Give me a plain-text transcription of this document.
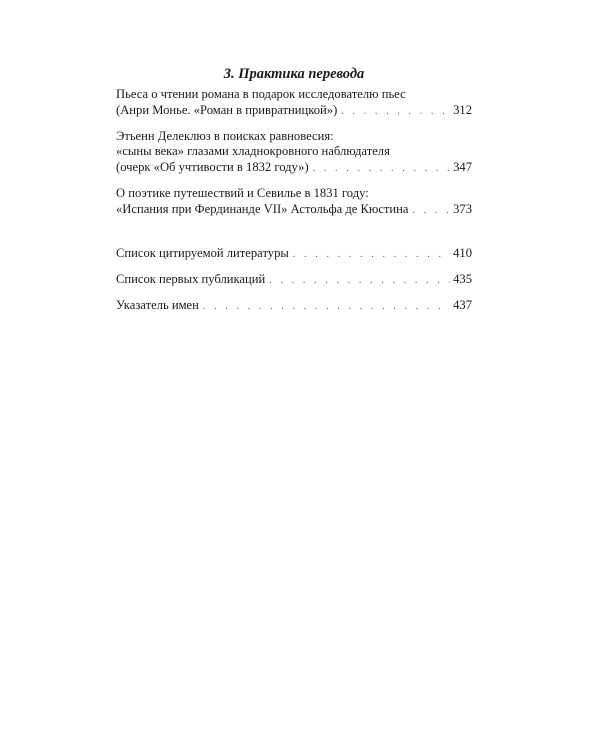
3. Практика перевода
Пьеса о чтении романа в подарок исследователю пьес
(Анри Монье. «Роман в привратницкой») . . .	312
Этьенн Делеклюз в поисках равновесия:
«сыны века» глазами хладнокровного наблюдателя
(очерк «Об учтивости в 1832 году») . . .	347
О поэтике путешествий и Севилье в 1831 году:
«Испания при Фердинанде VII» Астольфа де Кюстина . . .	373
Список цитируемой литературы . . .	410
Список первых публикаций . . .	435
Указатель имен . . .	437
